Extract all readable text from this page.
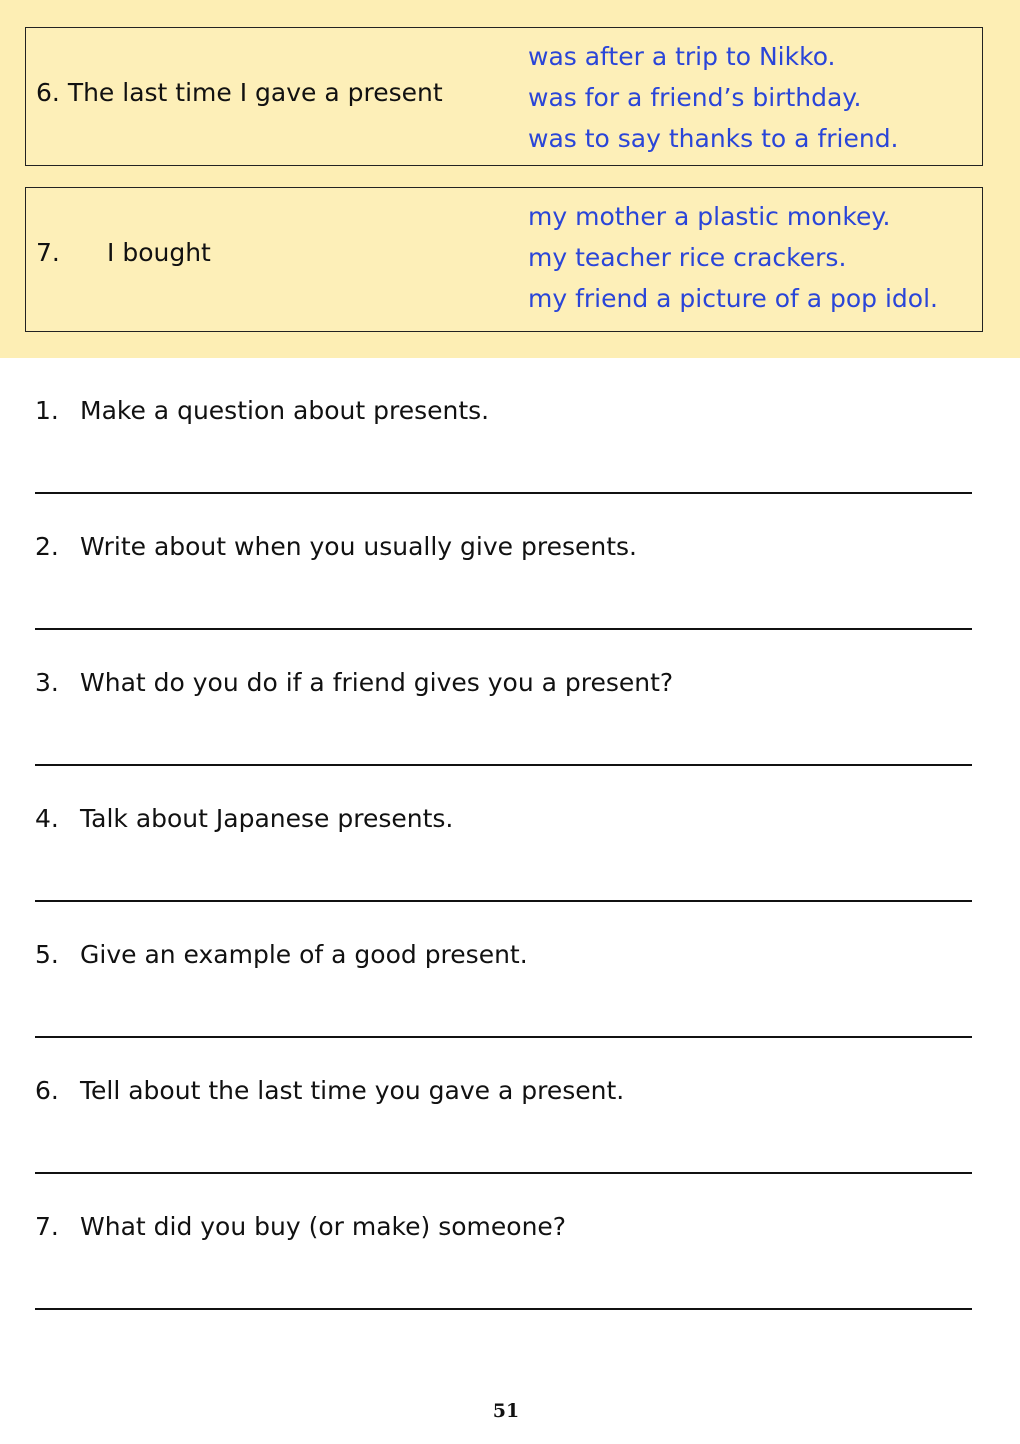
6. The last time I gave a present
was after a trip to Nikko.
was for a friend’s birthday.
was to say thanks to a friend.
7. I bought
my mother a plastic monkey.
my teacher rice crackers.
my friend a picture of a pop idol.
1. Make a question about presents.
2. Write about when you usually give presents.
3. What do you do if a friend gives you a present?
4. Talk about Japanese presents.
5. Give an example of a good present.
6. Tell about the last time you gave a present.
7. What did you buy (or make) someone?
51
